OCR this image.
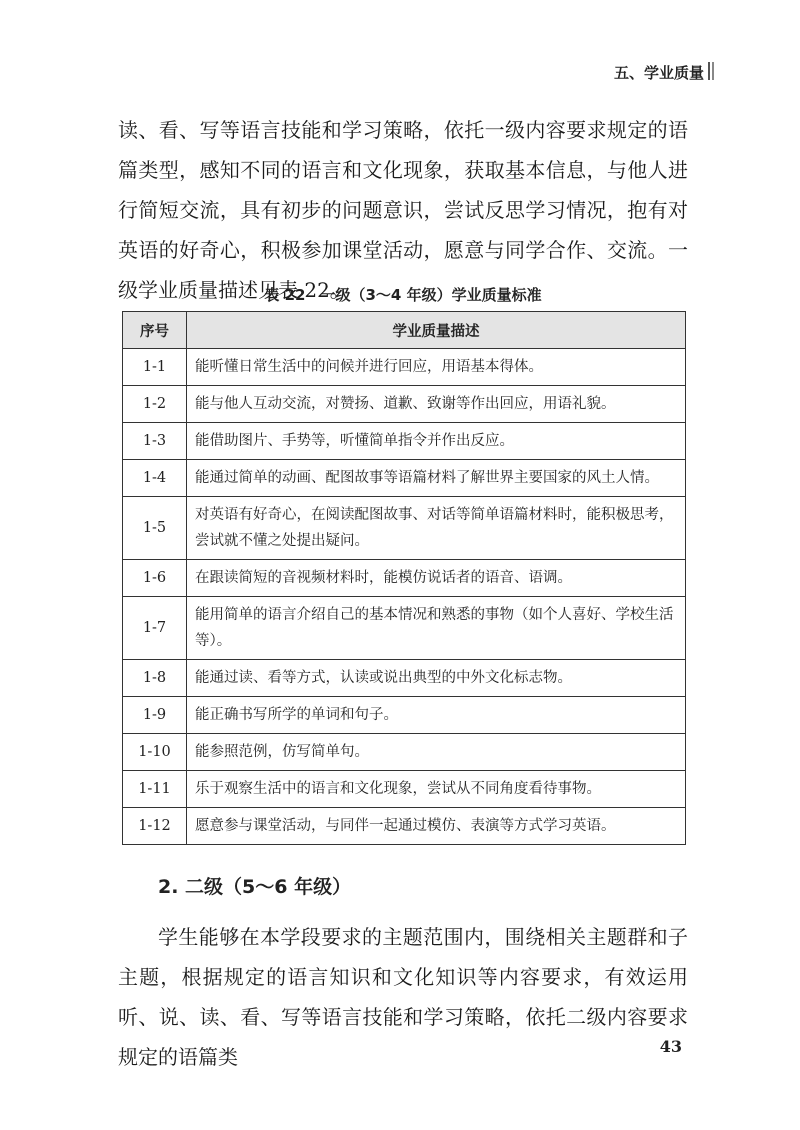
五、学业质量

读、看、写等语言技能和学习策略，依托一级内容要求规定的语篇类型，感知不同的语言和文化现象，获取基本信息，与他人进行简短交流，具有初步的问题意识，尝试反思学习情况，抱有对英语的好奇心，积极参加课堂活动，愿意与同学合作、交流。一级学业质量描述见表 22。

表 22　一级（3～4 年级）学业质量标准
序号	学业质量描述
1-1	能听懂日常生活中的问候并进行回应，用语基本得体。
1-2	能与他人互动交流，对赞扬、道歉、致谢等作出回应，用语礼貌。
1-3	能借助图片、手势等，听懂简单指令并作出反应。
1-4	能通过简单的动画、配图故事等语篇材料了解世界主要国家的风土人情。
1-5	对英语有好奇心，在阅读配图故事、对话等简单语篇材料时，能积极思考，尝试就不懂之处提出疑问。
1-6	在跟读简短的音视频材料时，能模仿说话者的语音、语调。
1-7	能用简单的语言介绍自己的基本情况和熟悉的事物（如个人喜好、学校生活等）。
1-8	能通过读、看等方式，认读或说出典型的中外文化标志物。
1-9	能正确书写所学的单词和句子。
1-10	能参照范例，仿写简单句。
1-11	乐于观察生活中的语言和文化现象，尝试从不同角度看待事物。
1-12	愿意参与课堂活动，与同伴一起通过模仿、表演等方式学习英语。
2. 二级（5～6 年级）

学生能够在本学段要求的主题范围内，围绕相关主题群和子主题，根据规定的语言知识和文化知识等内容要求，有效运用听、说、读、看、写等语言技能和学习策略，依托二级内容要求规定的语篇类	43
